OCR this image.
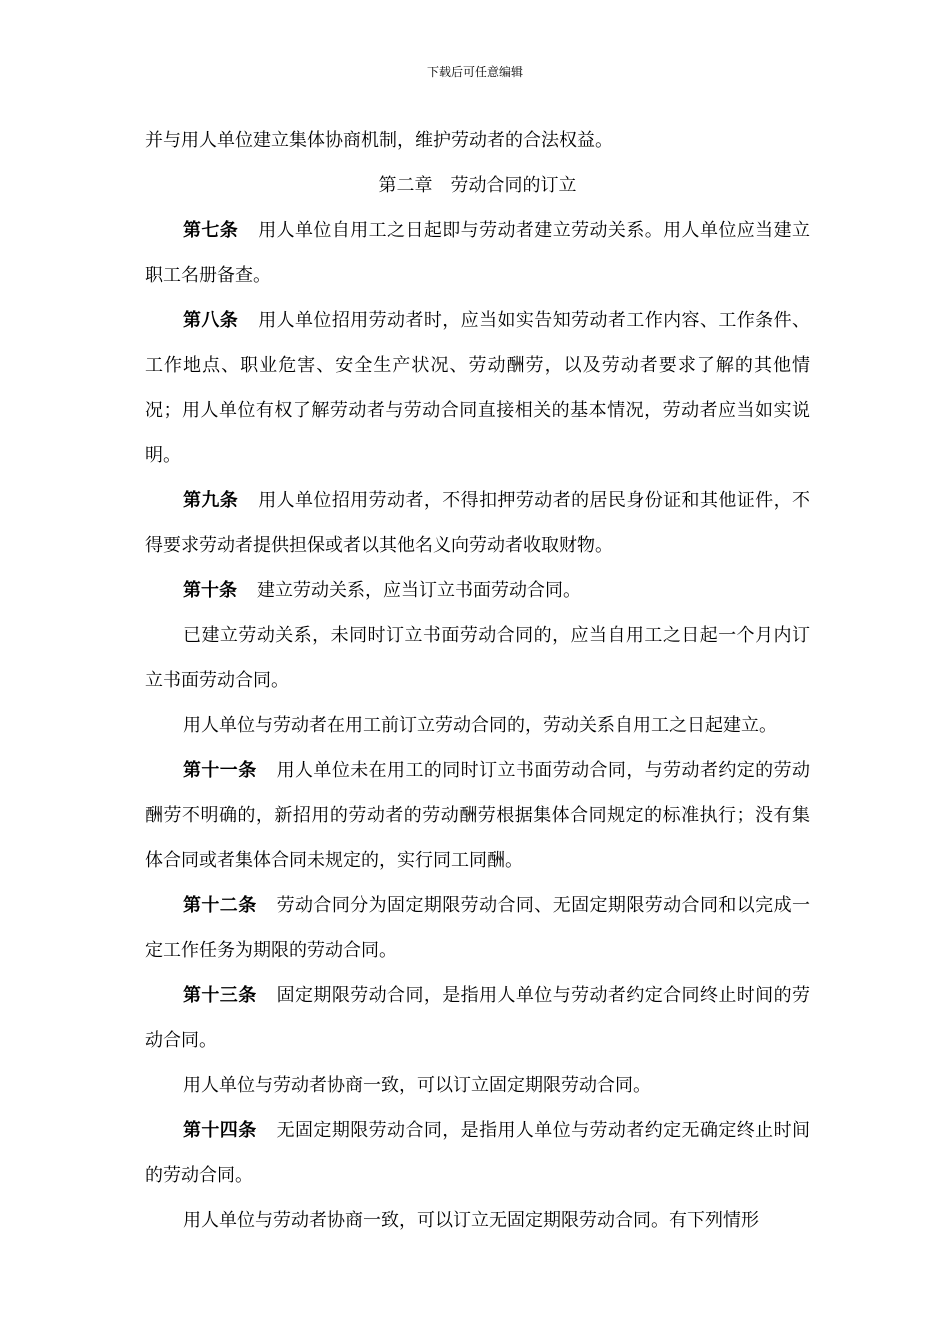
下载后可任意编辑

并与用人单位建立集体协商机制，维护劳动者的合法权益。

第二章　劳动合同的订立

第七条 用人单位自用工之日起即与劳动者建立劳动关系。用人单位应当建立职工名册备查。

第八条 用人单位招用劳动者时，应当如实告知劳动者工作内容、工作条件、工作地点、职业危害、安全生产状况、劳动酬劳，以及劳动者要求了解的其他情况；用人单位有权了解劳动者与劳动合同直接相关的基本情况，劳动者应当如实说明。

第九条 用人单位招用劳动者，不得扣押劳动者的居民身份证和其他证件，不得要求劳动者提供担保或者以其他名义向劳动者收取财物。

第十条 建立劳动关系，应当订立书面劳动合同。

已建立劳动关系，未同时订立书面劳动合同的，应当自用工之日起一个月内订立书面劳动合同。

用人单位与劳动者在用工前订立劳动合同的，劳动关系自用工之日起建立。

第十一条 用人单位未在用工的同时订立书面劳动合同，与劳动者约定的劳动酬劳不明确的，新招用的劳动者的劳动酬劳根据集体合同规定的标准执行；没有集体合同或者集体合同未规定的，实行同工同酬。

第十二条 劳动合同分为固定期限劳动合同、无固定期限劳动合同和以完成一定工作任务为期限的劳动合同。

第十三条 固定期限劳动合同，是指用人单位与劳动者约定合同终止时间的劳动合同。

用人单位与劳动者协商一致，可以订立固定期限劳动合同。

第十四条 无固定期限劳动合同，是指用人单位与劳动者约定无确定终止时间的劳动合同。

用人单位与劳动者协商一致，可以订立无固定期限劳动合同。有下列情形
